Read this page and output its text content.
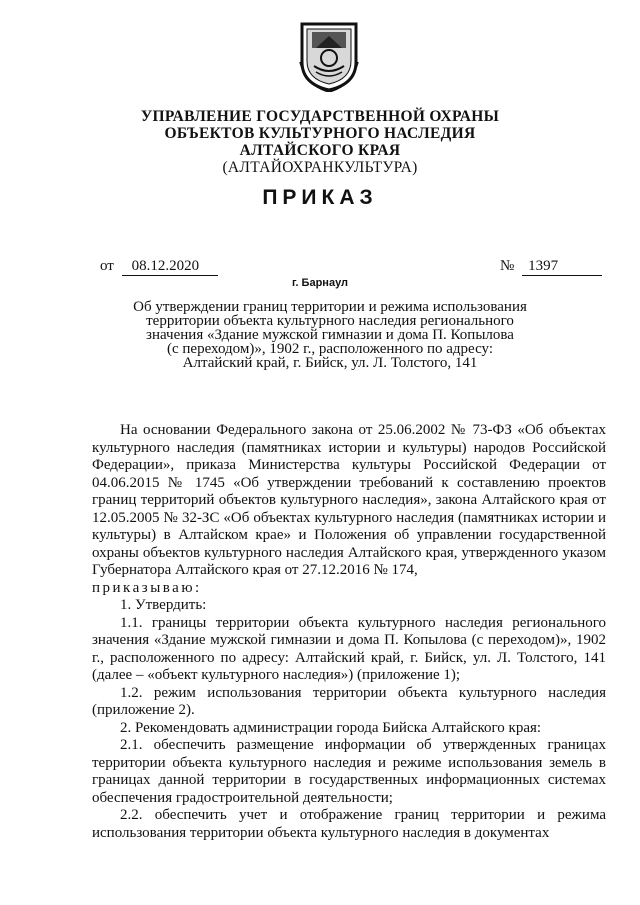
УПРАВЛЕНИЕ ГОСУДАРСТВЕННОЙ ОХРАНЫ
ОБЪЕКТОВ КУЛЬТУРНОГО НАСЛЕДИЯ
АЛТАЙСКОГО КРАЯ
(АЛТАЙОХРАНКУЛЬТУРА)
ПРИКАЗ
от 08.12.2020	№ 1397
г. Барнаул
Об утверждении границ территории и режима использования
территории объекта культурного наследия регионального
значения «Здание мужской гимназии и дома П. Копылова
(с переходом)», 1902 г., расположенного по адресу:
Алтайский край, г. Бийск, ул. Л. Толстого, 141

На основании Федерального закона от 25.06.2002 № 73-ФЗ «Об объектах культурного наследия (памятниках истории и культуры) народов Российской Федерации», приказа Министерства культуры Российской Федерации от 04.06.2015 № 1745 «Об утверждении требований к составлению проектов границ территорий объектов культурного наследия», закона Алтайского края от 12.05.2005 № 32-ЗС «Об объектах культурного наследия (памятниках истории и культуры) в Алтайском крае» и Положения об управлении государственной охраны объектов культурного наследия Алтайского края, утвержденного указом Губернатора Алтайского края от 27.12.2016 № 174,

приказываю:

1. Утвердить:

1.1. границы территории объекта культурного наследия регионального значения «Здание мужской гимназии и дома П. Копылова (с переходом)», 1902 г., расположенного по адресу: Алтайский край, г. Бийск, ул. Л. Толстого, 141 (далее – «объект культурного наследия») (приложение 1);

1.2. режим использования территории объекта культурного наследия (приложение 2).

2. Рекомендовать администрации города Бийска Алтайского края:

2.1. обеспечить размещение информации об утвержденных границах территории объекта культурного наследия и режиме использования земель в границах данной территории в государственных информационных системах обеспечения градостроительной деятельности;

2.2. обеспечить учет и отображение границ территории и режима использования территории объекта культурного наследия в документах
